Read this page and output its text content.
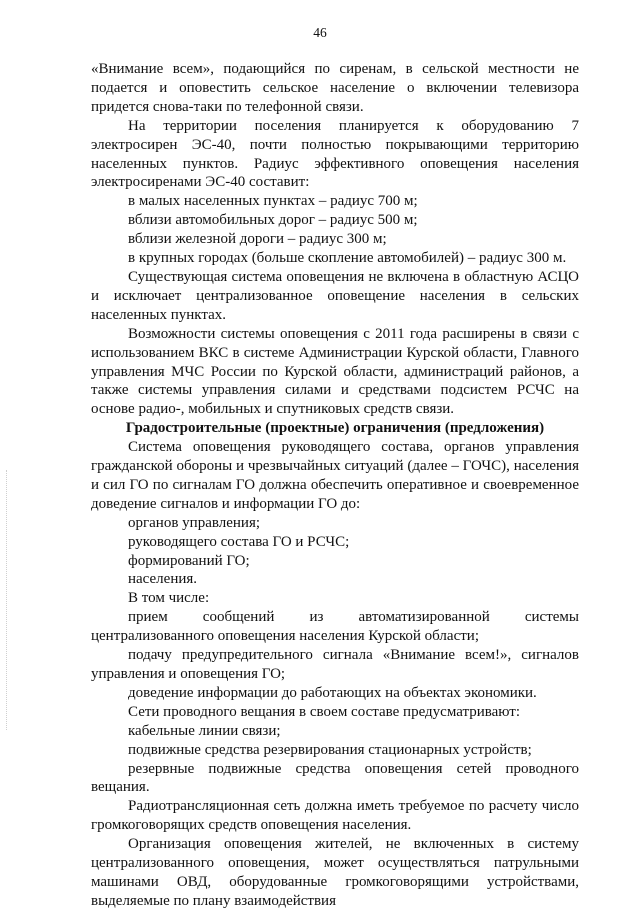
46

«Внимание всем», подающийся по сиренам, в сельской местности не подается и оповестить сельское население о включении телевизора придется снова-таки по телефонной связи.

На территории поселения планируется к оборудованию 7 электросирен ЭС-40, почти полностью покрывающими территорию населенных пунктов. Радиус эффективного оповещения населения электросиренами ЭС-40 составит:

в малых населенных пунктах – радиус 700 м;

вблизи автомобильных дорог – радиус 500 м;

вблизи железной дороги – радиус 300 м;

в крупных городах (больше скопление автомобилей) – радиус 300 м.

Существующая система оповещения не включена в областную АСЦО и исключает централизованное оповещение населения в сельских населенных пунктах.

Возможности системы оповещения с 2011 года расширены в связи с использованием ВКС в системе Администрации Курской области, Главного управления МЧС России по Курской области, администраций районов, а также системы управления силами и средствами подсистем РСЧС на основе радио-, мобильных и спутниковых средств связи.

Градостроительные (проектные) ограничения (предложения)

Система оповещения руководящего состава, органов управления гражданской обороны и чрезвычайных ситуаций (далее – ГОЧС), населения и сил ГО по сигналам ГО должна обеспечить оперативное и своевременное доведение сигналов и информации ГО до:

органов управления;

руководящего состава ГО и РСЧС;

формирований ГО;

населения.

В том числе:

прием сообщений из автоматизированной системы централизованного оповещения населения Курской области;

подачу предупредительного сигнала «Внимание всем!», сигналов управления и оповещения ГО;

доведение информации до работающих на объектах экономики.

Сети проводного вещания в своем составе предусматривают:

кабельные линии связи;

подвижные средства резервирования стационарных устройств;

резервные подвижные средства оповещения сетей проводного вещания.

Радиотрансляционная сеть должна иметь требуемое по расчету число громкоговорящих средств оповещения населения.

Организация оповещения жителей, не включенных в систему централизованного оповещения, может осуществляться патрульными машинами ОВД, оборудованные громкоговорящими устройствами, выделяемые по плану взаимодействия
